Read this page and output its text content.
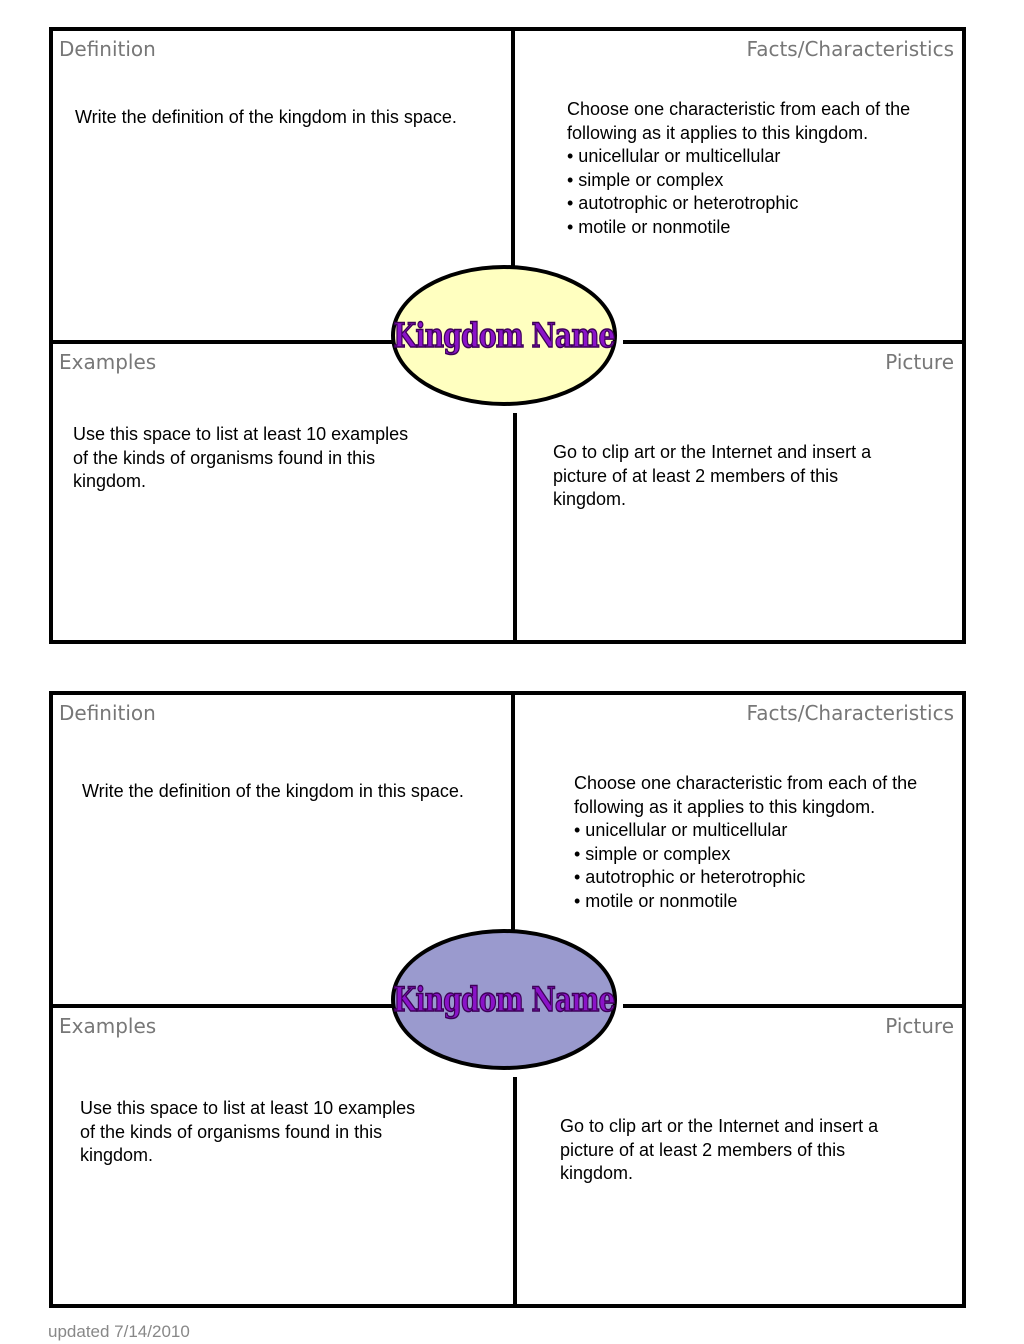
Definition	Facts/Characteristics
Examples	Picture
Write the definition of the kingdom in this space.	Choose one characteristic from each of the
following as it applies to this kingdom.
• unicellular or multicellular
• simple or complex
• autotrophic or heterotrophic
• motile or nonmotile
Use this space to list at least 10 examples
of the kinds of organisms found in this
kingdom.
Go to clip art or the Internet and insert a
picture of at least 2 members of this
kingdom.
Kingdom Name
Definition	Facts/Characteristics
Examples	Picture
Write the definition of the kingdom in this space.	Choose one characteristic from each of the
following as it applies to this kingdom.
• unicellular or multicellular
• simple or complex
• autotrophic or heterotrophic
• motile or nonmotile
Use this space to list at least 10 examples
of the kinds of organisms found in this
kingdom.
Go to clip art or the Internet and insert a
picture of at least 2 members of this
kingdom.
Kingdom Name
updated 7/14/2010
